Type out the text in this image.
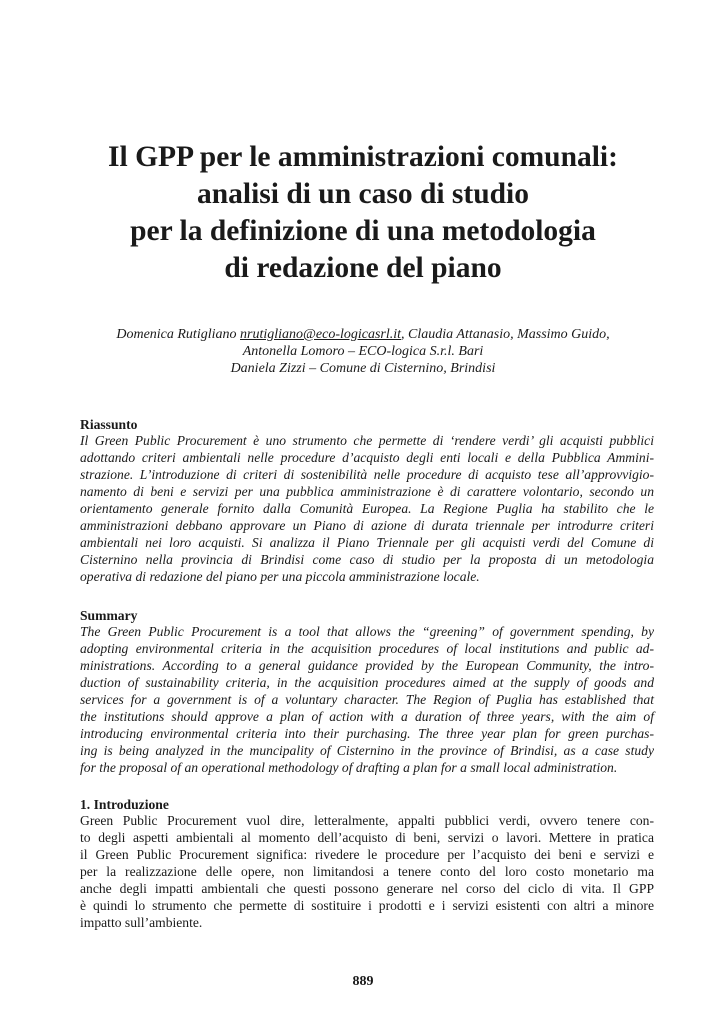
Il GPP per le amministrazioni comunali:
analisi di un caso di studio
per la definizione di una metodologia
di redazione del piano
Domenica Rutigliano nrutigliano@eco-logicasrl.it, Claudia Attanasio, Massimo Guido,
Antonella Lomoro – ECO-logica S.r.l. Bari
Daniela Zizzi – Comune di Cisternino, Brindisi
Riassunto
Il Green Public Procurement è uno strumento che permette di ‘rendere verdi’ gli acquisti pubblici
adottando criteri ambientali nelle procedure d’acquisto degli enti locali e della Pubblica Ammini-
strazione. L’introduzione di criteri di sostenibilità nelle procedure di acquisto tese all’approvvigio-
namento di beni e servizi per una pubblica amministrazione è di carattere volontario, secondo un
orientamento generale fornito dalla Comunità Europea. La Regione Puglia ha stabilito che le
amministrazioni debbano approvare un Piano di azione di durata triennale per introdurre criteri
ambientali nei loro acquisti. Si analizza il Piano Triennale per gli acquisti verdi del Comune di
Cisternino nella provincia di Brindisi come caso di studio per la proposta di un metodologia
operativa di redazione del piano per una piccola amministrazione locale.
Summary
The Green Public Procurement is a tool that allows the “greening” of government spending, by
adopting environmental criteria in the acquisition procedures of local institutions and public ad-
ministrations. According to a general guidance provided by the European Community, the intro-
duction of sustainability criteria, in the acquisition procedures aimed at the supply of goods and
services for a government is of a voluntary character. The Region of Puglia has established that
the institutions should approve a plan of action with a duration of three years, with the aim of
introducing environmental criteria into their purchasing. The three year plan for green purchas-
ing is being analyzed in the muncipality of Cisternino in the province of Brindisi, as a case study
for the proposal of an operational methodology of drafting a plan for a small local administration.
1. Introduzione
Green Public Procurement vuol dire, letteralmente, appalti pubblici verdi, ovvero tenere con-
to degli aspetti ambientali al momento dell’acquisto di beni, servizi o lavori. Mettere in pratica
il Green Public Procurement significa: rivedere le procedure per l’acquisto dei beni e servizi e
per la realizzazione delle opere, non limitandosi a tenere conto del loro costo monetario ma
anche degli impatti ambientali che questi possono generare nel corso del ciclo di vita. Il GPP
è quindi lo strumento che permette di sostituire i prodotti e i servizi esistenti con altri a minore
impatto sull’ambiente.
889
